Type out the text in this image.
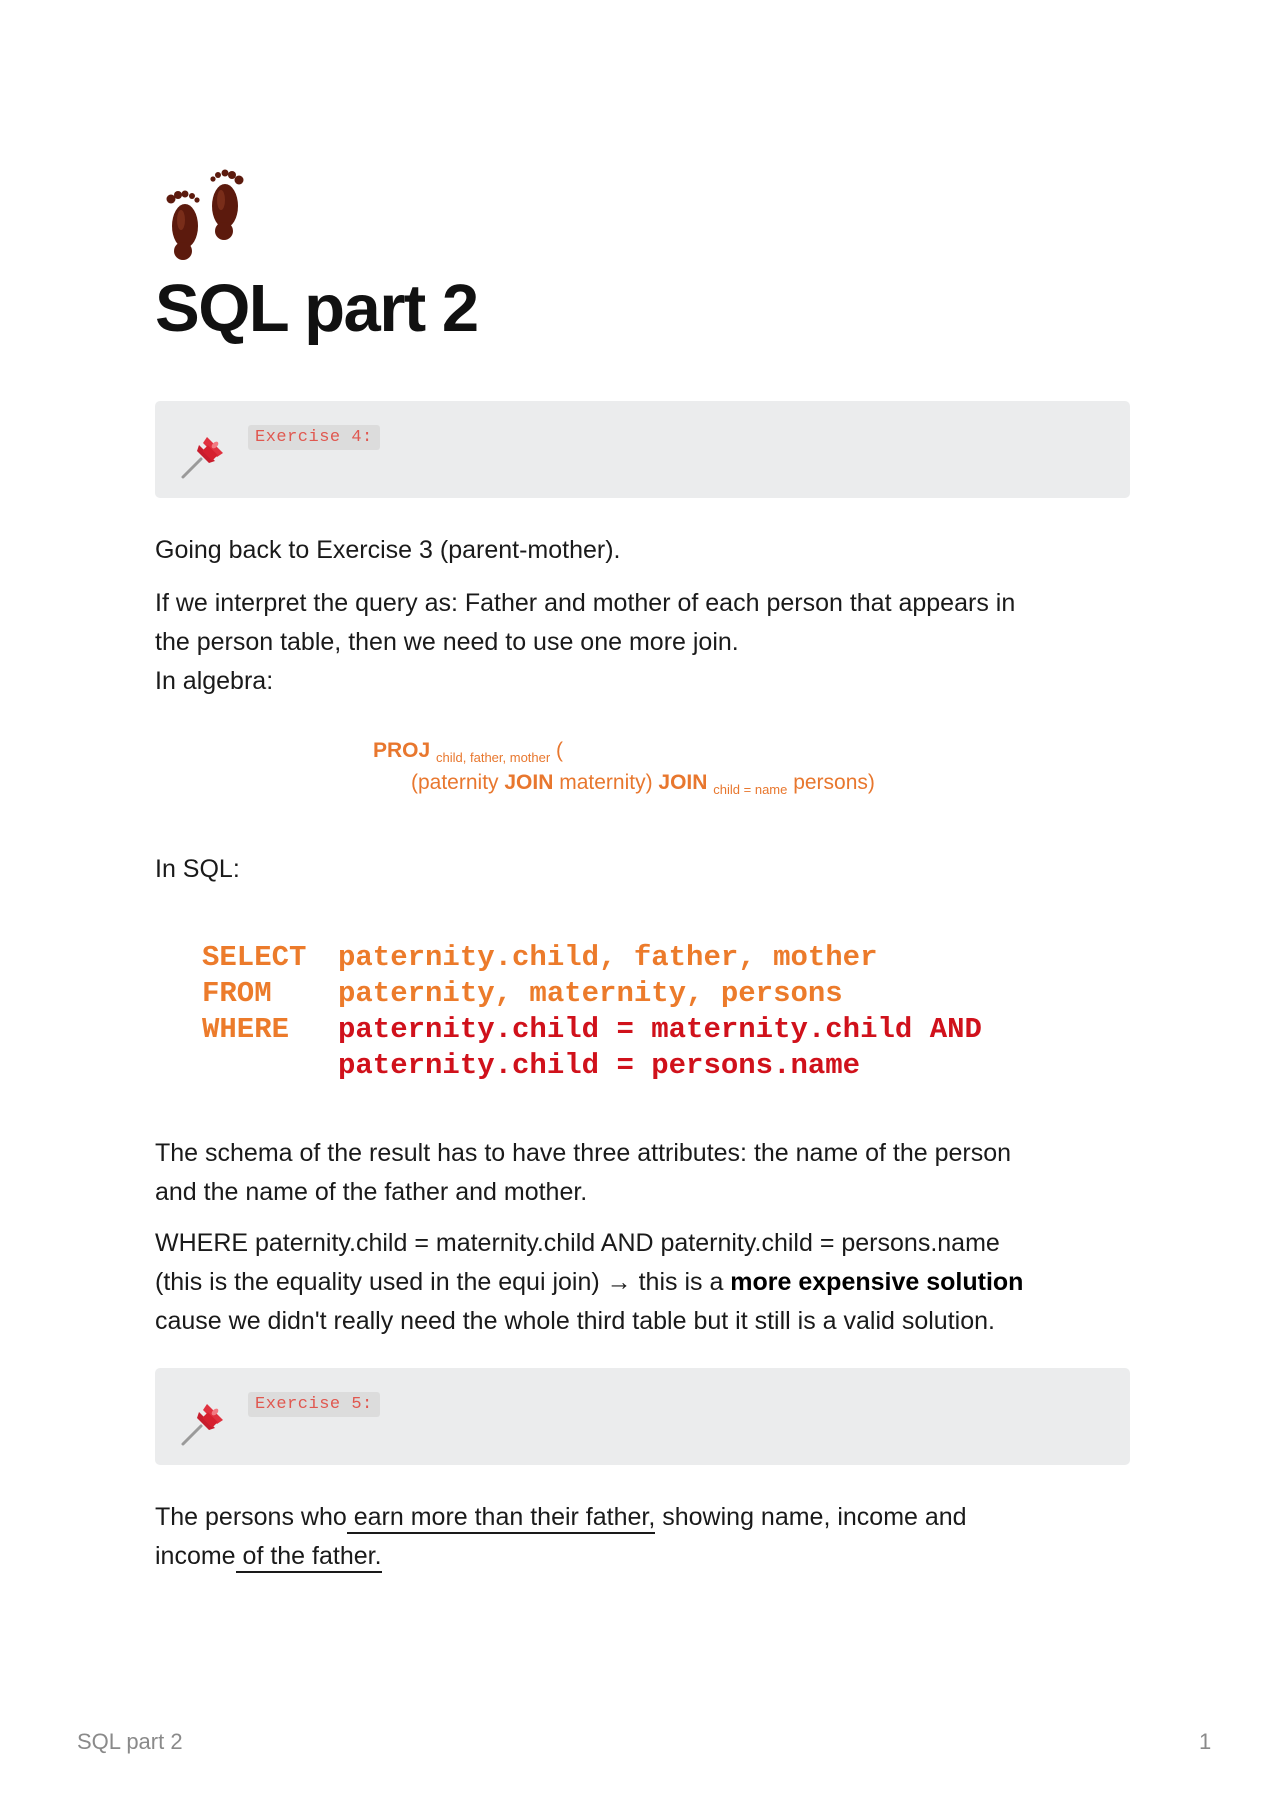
SQL part 2
Exercise 4:

Going back to Exercise 3 (parent-mother).

If we interpret the query as: Father and mother of each person that appears in
the person table, then we need to use one more join.
In algebra:
PROJ $_{child, father, mother}$ (
(paternity JOIN maternity) JOIN $_{child = name}$ persons)

In SQL:

SELECT paternity.child, father, mother
FROM paternity, maternity, persons
WHERE paternity.child = maternity.child AND
paternity.child = persons.name
The schema of the result has to have three attributes: the name of the person
and the name of the father and mother.
WHERE paternity.child = maternity.child AND paternity.child = persons.name
(this is the equality used in the equi join) → this is a more expensive solution
cause we didn't really need the whole third table but it still is a valid solution.
Exercise 5:
The persons who earn more than their father, showing name, income and
income of the father.
SQL part 2	1
